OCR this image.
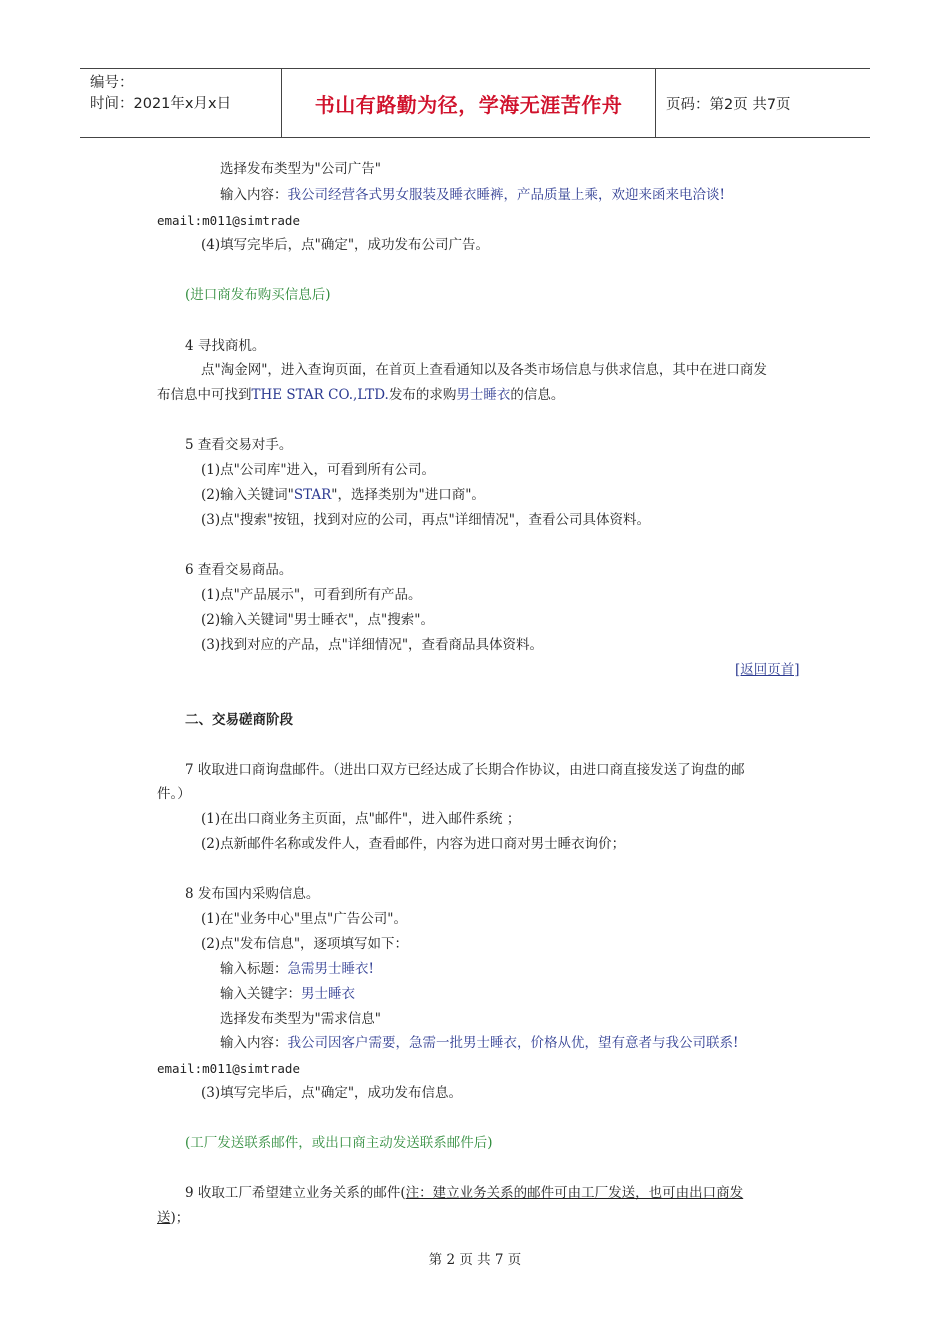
编号：
时间：2021年x月x日	书山有路勤为径，学海无涯苦作舟	页码：第2页 共7页
选择发布类型为"公司广告"
输入内容：我公司经营各式男女服装及睡衣睡裤，产品质量上乘，欢迎来函来电洽谈!
email:m011@simtrade
(4)填写完毕后，点"确定"，成功发布公司广告。
(进口商发布购买信息后)
4 寻找商机。
点"淘金网"，进入查询页面，在首页上查看通知以及各类市场信息与供求信息，其中在进口商发
布信息中可找到THE STAR CO.,LTD.发布的求购男士睡衣的信息。
5 查看交易对手。
(1)点"公司库"进入，可看到所有公司。
(2)输入关键词"STAR"，选择类别为"进口商"。
(3)点"搜索"按钮，找到对应的公司，再点"详细情况"，查看公司具体资料。
6 查看交易商品。
(1)点"产品展示"，可看到所有产品。
(2)输入关键词"男士睡衣"，点"搜索"。
(3)找到对应的产品，点"详细情况"，查看商品具体资料。
[返回页首]
二、交易磋商阶段
7 收取进口商询盘邮件。（进出口双方已经达成了长期合作协议，由进口商直接发送了询盘的邮
件。）
(1)在出口商业务主页面，点"邮件"，进入邮件系统 ；
(2)点新邮件名称或发件人，查看邮件，内容为进口商对男士睡衣询价；
8 发布国内采购信息。
(1)在"业务中心"里点"广告公司"。
(2)点"发布信息"，逐项填写如下：
输入标题：急需男士睡衣!
输入关键字：男士睡衣
选择发布类型为"需求信息"
输入内容：我公司因客户需要，急需一批男士睡衣，价格从优，望有意者与我公司联系!
email:m011@simtrade
(3)填写完毕后，点"确定"，成功发布信息。
(工厂发送联系邮件，或出口商主动发送联系邮件后)
9 收取工厂希望建立业务关系的邮件(注：建立业务关系的邮件可由工厂发送，也可由出口商发
送)；
第 2 页 共 7 页
